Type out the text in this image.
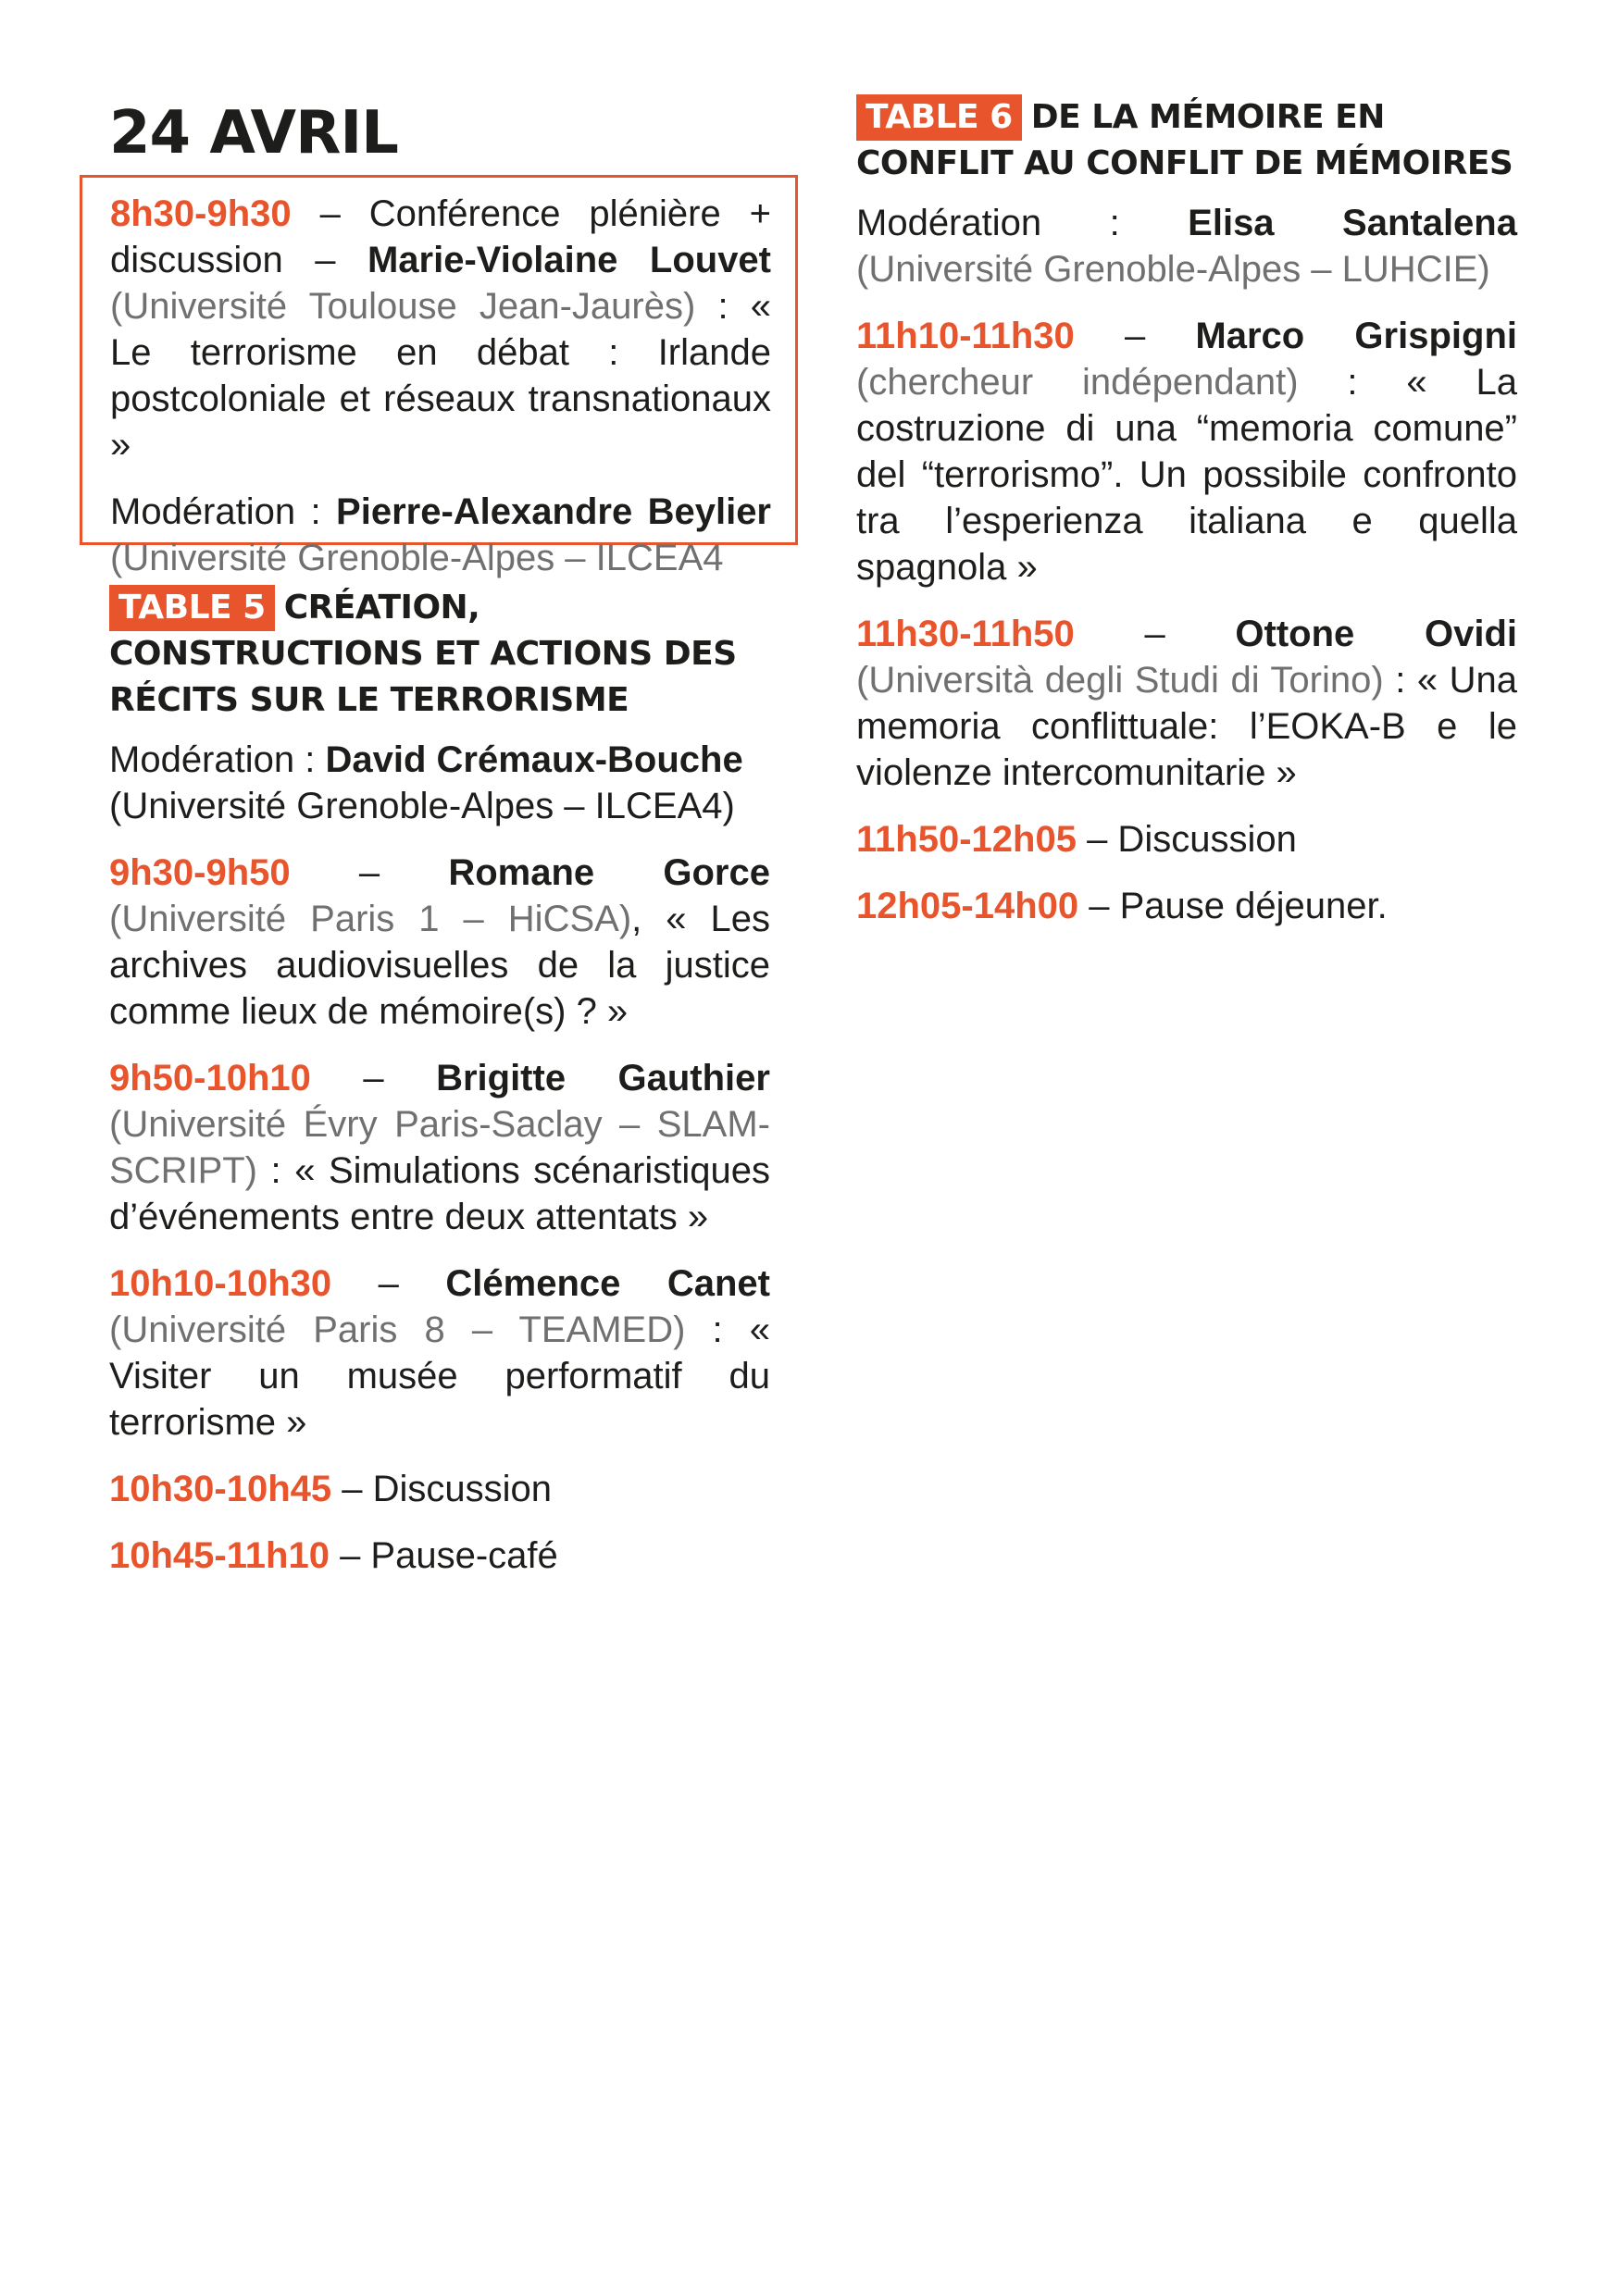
24 AVRIL

8h30-9h30 – Conférence plénière + discussion – Marie-Violaine Louvet (Université Toulouse Jean-Jaurès) : « Le terrorisme en débat : Irlande postcoloniale et réseaux transnationaux »

Modération : Pierre-Alexandre Beylier (Université Grenoble-Alpes – ILCEA4

TABLE 5 CRÉATION, CONSTRUCTIONS ET ACTIONS DES RÉCITS SUR LE TERRORISME

Modération : David Crémaux-Bouche (Université Grenoble-Alpes – ILCEA4)

9h30-9h50 – Romane Gorce (Université Paris 1 – HiCSA), « Les archives audiovisuelles de la justice comme lieux de mémoire(s) ? »

9h50-10h10 – Brigitte Gauthier (Université Évry Paris-Saclay – SLAM-SCRIPT) : « Simulations scénaristiques d’événements entre deux attentats »

10h10-10h30 – Clémence Canet (Université Paris 8 – TEAMED) : « Visiter un musée performatif du terrorisme »

10h30-10h45 – Discussion

10h45-11h10 – Pause-café

TABLE 6 DE LA MÉMOIRE EN CONFLIT AU CONFLIT DE MÉMOIRES

Modération : Elisa Santalena (Université Grenoble-Alpes – LUHCIE)

11h10-11h30 – Marco Grispigni (chercheur indépendant) : « La costruzione di una “memoria comune” del “terrorismo”. Un possibile confronto tra l’esperienza italiana e quella spagnola »

11h30-11h50 – Ottone Ovidi (Università degli Studi di Torino) : « Una memoria conflittuale: l’EOKA-B e le violenze intercomunitarie »

11h50-12h05 – Discussion

12h05-14h00 – Pause déjeuner.
